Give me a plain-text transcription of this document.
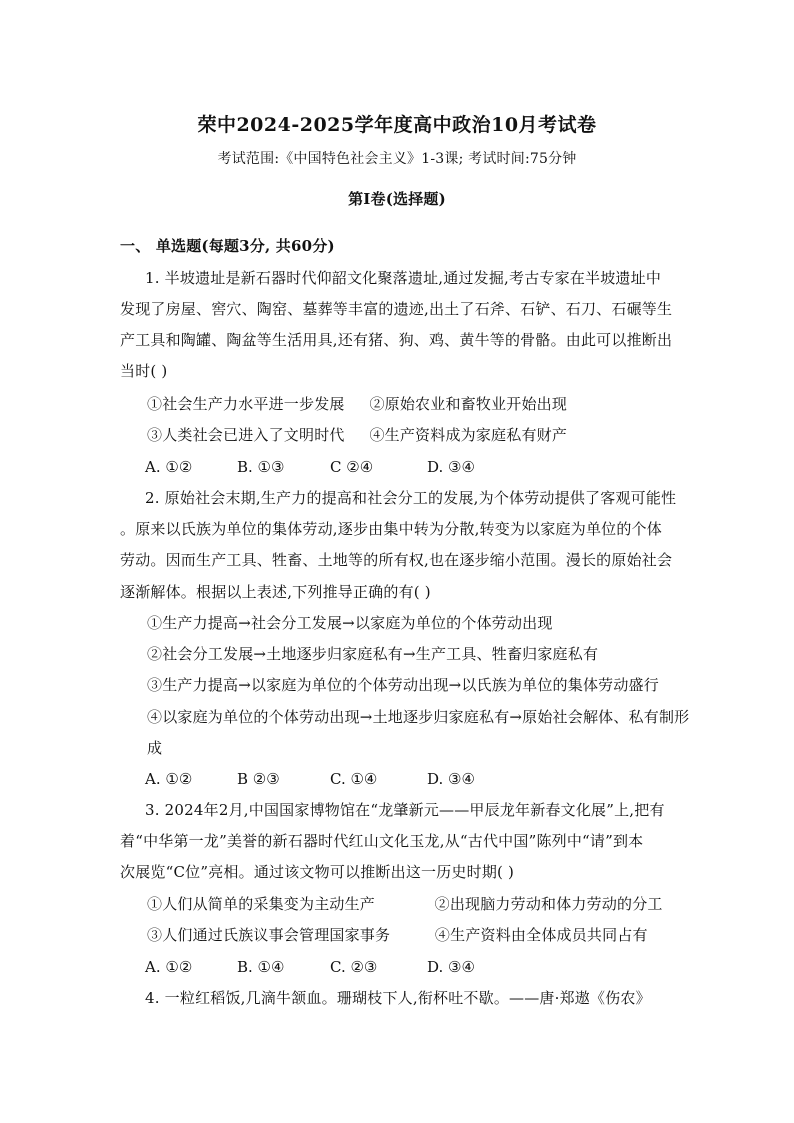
荣中2024-2025学年度高中政治10月考试卷
考试范围:《中国特色社会主义》1-3课; 考试时间:75分钟
第Ⅰ卷(选择题)
一、 单选题(每题3分, 共60分)
1. 半坡遗址是新石器时代仰韶文化聚落遗址,通过发掘,考古专家在半坡遗址中
发现了房屋、窖穴、陶窑、墓葬等丰富的遗迹,出土了石斧、石铲、石刀、石碾等生
产工具和陶罐、陶盆等生活用具,还有猪、狗、鸡、黄牛等的骨骼。由此可以推断出
当时( )
①社会生产力水平进一步发展     ②原始农业和畜牧业开始出现
③人类社会已进入了文明时代     ④生产资料成为家庭私有财产
A. ①②	B. ①③	C ②④	D. ③④
2. 原始社会末期,生产力的提高和社会分工的发展,为个体劳动提供了客观可能性
。原来以氏族为单位的集体劳动,逐步由集中转为分散,转变为以家庭为单位的个体
劳动。因而生产工具、牲畜、土地等的所有权,也在逐步缩小范围。漫长的原始社会
逐渐解体。根据以上表述,下列推导正确的有( )
①生产力提高→社会分工发展→以家庭为单位的个体劳动出现
②社会分工发展→土地逐步归家庭私有→生产工具、牲畜归家庭私有
③生产力提高→以家庭为单位的个体劳动出现→以氏族为单位的集体劳动盛行
④以家庭为单位的个体劳动出现→土地逐步归家庭私有→原始社会解体、私有制形
成
A. ①②	B ②③	C. ①④	D. ③④
3. 2024年2月,中国国家博物馆在“龙肇新元——甲辰龙年新春文化展”上,把有
着“中华第一龙”美誉的新石器时代红山文化玉龙,从“古代中国”陈列中“请”到本
次展览“C位”亮相。通过该文物可以推断出这一历史时期( )
①人们从简单的采集变为主动生产            ②出现脑力劳动和体力劳动的分工
③人们通过氏族议事会管理国家事务         ④生产资料由全体成员共同占有
A. ①②	B. ①④	C. ②③	D. ③④
4. 一粒红稻饭,几滴牛颔血。珊瑚枝下人,衔杯吐不歇。——唐·郑遨《伤农》
